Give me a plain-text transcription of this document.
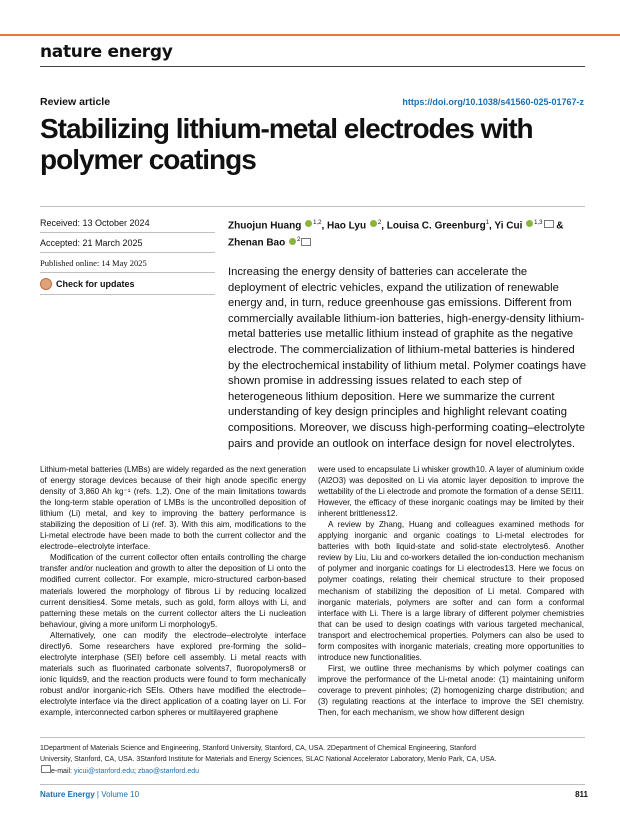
nature energy
Review article	https://doi.org/10.1038/s41560-025-01767-z
Stabilizing lithium-metal electrodes with polymer coatings
Received: 13 October 2024
Accepted: 21 March 2025
Published online: 14 May 2025
Check for updates
Zhuojun Huang $^{1,2}$, Hao Lyu $^2$, Louisa C. Greenburg$^1$, Yi Cui $^{1,3}$ & Zhenan Bao $^2$
Increasing the energy density of batteries can accelerate the deployment of electric vehicles, expand the utilization of renewable energy and, in turn, reduce greenhouse gas emissions. Different from commercially available lithium-ion batteries, high-energy-density lithium-metal batteries use metallic lithium instead of graphite as the negative electrode. The commercialization of lithium-metal batteries is hindered by the electrochemical instability of lithium metal. Polymer coatings have shown promise in addressing issues related to each step of heterogeneous lithium deposition. Here we summarize the current understanding of key design principles and highlight relevant coating compositions. Moreover, we discuss high-performing coating–electrolyte pairs and provide an outlook on interface design for novel electrolytes.

Lithium-metal batteries (LMBs) are widely regarded as the next generation of energy storage devices because of their high anode specific energy density of 3,860 Ah kg⁻¹ (refs. 1,2). One of the main limitations towards the long-term stable operation of LMBs is the uncontrolled deposition of lithium (Li) metal, and key to improving the battery performance is stabilizing the deposition of Li (ref. 3). With this aim, modifications to the Li-metal electrode have been made to both the current collector and the electrode–electrolyte interface.

Modification of the current collector often entails controlling the charge transfer and/or nucleation and growth to alter the deposition of Li onto the modified current collector. For example, micro-structured carbon-based materials lowered the morphology of fibrous Li by reducing localized current densities4. Some metals, such as gold, form alloys with Li, and patterning these metals on the current collector alters the Li nucleation behaviour, giving a more uniform Li morphology5.

Alternatively, one can modify the electrode–electrolyte interface directly6. Some researchers have explored pre-forming the solid–electrolyte interphase (SEI) before cell assembly. Li metal reacts with materials such as fluorinated carbonate solvents7, fluoropolymers8 or ionic liquids9, and the reaction products were found to form mechanically robust and/or inorganic-rich SEIs. Others have modified the electrode–electrolyte interface via the direct application of a coating layer on Li. For example, interconnected carbon spheres or multilayered graphene

were used to encapsulate Li whisker growth10. A layer of aluminium oxide (Al2O3) was deposited on Li via atomic layer deposition to improve the wettability of the Li electrode and promote the formation of a dense SEI11. However, the efficacy of these inorganic coatings may be limited by their inherent brittleness12.

A review by Zhang, Huang and colleagues examined methods for applying inorganic and organic coatings to Li-metal electrodes for batteries with both liquid-state and solid-state electrolytes6. Another review by Liu, Liu and co-workers detailed the ion-conduction mechanism of polymer and inorganic coatings for Li electrodes13. Here we focus on polymer coatings, relating their chemical structure to their proposed mechanism of stabilizing the deposition of Li metal. Compared with inorganic materials, polymers are softer and can form a conformal interface with Li. There is a large library of different polymer chemistries that can be used to design coatings with various targeted mechanical, transport and electrochemical properties. Polymers can also be used to form composites with inorganic materials, creating more opportunities to introduce new functionalities.

First, we outline three mechanisms by which polymer coatings can improve the performance of the Li-metal anode: (1) maintaining uniform coverage to prevent pinholes; (2) homogenizing charge distribution; and (3) regulating reactions at the interface to improve the SEI chemistry. Then, for each mechanism, we show how different design

1Department of Materials Science and Engineering, Stanford University, Stanford, CA, USA. 2Department of Chemical Engineering, Stanford
University, Stanford, CA, USA. 3Stanford Institute for Materials and Energy Sciences, SLAC National Accelerator Laboratory, Menlo Park, CA, USA.
e-mail: yicui@stanford.edu; zbao@stanford.edu
Nature Energy | Volume 10	811
